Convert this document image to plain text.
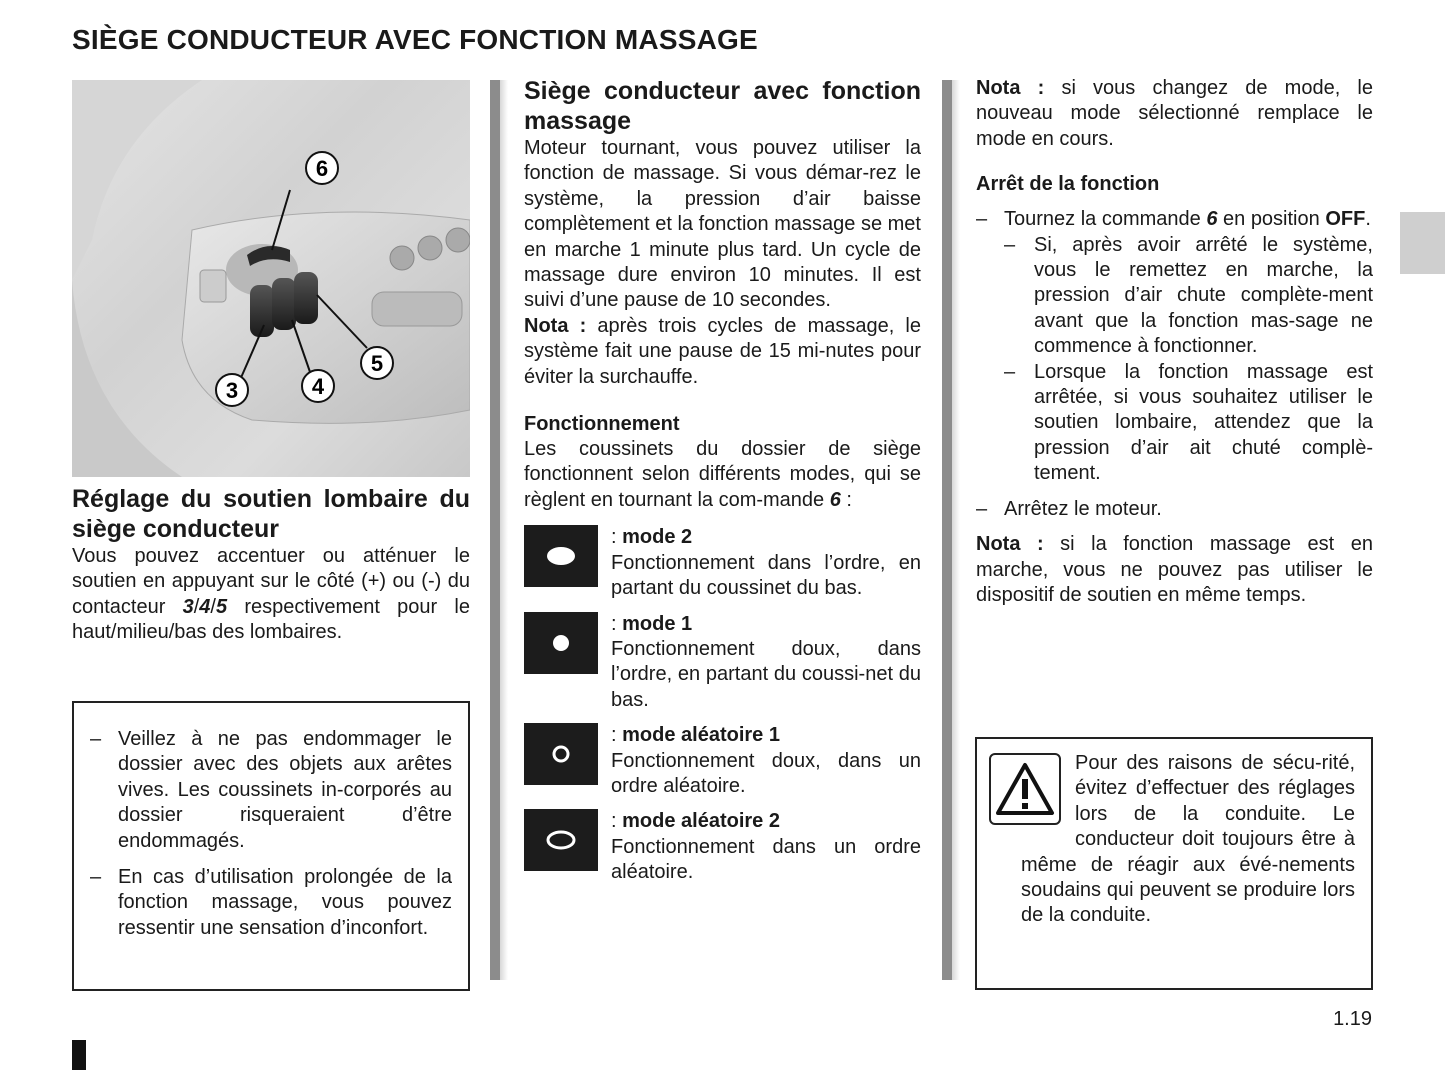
SIÈGE CONDUCTEUR AVEC FONCTION MASSAGE
6
5
3	4
Réglage du soutien lombaire du siège conducteur

Vous pouvez accentuer ou atténuer le soutien en appuyant sur le côté (+) ou (-) du contacteur 3/4/5 respectivement pour le haut/milieu/bas des lombaires.

– Veillez à ne pas endommager le dossier avec des objets aux arêtes vives. Les coussinets in-corporés au dossier risqueraient d’être endommagés.
– En cas d’utilisation prolongée de la fonction massage, vous pouvez ressentir une sensation d’inconfort.
Siège conducteur avec fonction massage

Moteur tournant, vous pouvez utiliser la fonction de massage. Si vous démar-rez le système, la pression d’air baisse complètement et la fonction massage se met en marche 1 minute plus tard. Un cycle de massage dure environ 10 minutes. Il est suivi d’une pause de 10 secondes.

Nota : après trois cycles de massage, le système fait une pause de 15 mi-nutes pour éviter la surchauffe.

Fonctionnement

Les coussinets du dossier de siège fonctionnent selon différents modes, qui se règlent en tournant la com-mande 6 :

: mode 2
Fonctionnement dans l’ordre, en partant du coussinet du bas.
: mode 1
Fonctionnement doux, dans l’ordre, en partant du coussi-net du bas.
: mode aléatoire 1
Fonctionnement doux, dans un ordre aléatoire.
: mode aléatoire 2
Fonctionnement dans un ordre aléatoire.

Nota : si vous changez de mode, le nouveau mode sélectionné remplace le mode en cours.

Arrêt de la fonction
– Tournez la commande 6 en position OFF.
– Si, après avoir arrêté le système, vous le remettez en marche, la pression d’air chute complète-ment avant que la fonction mas-sage ne commence à fonctionner.
– Lorsque la fonction massage est arrêtée, si vous souhaitez utiliser le soutien lombaire, attendez que la pression d’air ait chuté complè-tement.
– Arrêtez le moteur.

Nota : si la fonction massage est en marche, vous ne pouvez pas utiliser le dispositif de soutien en même temps.

Pour des raisons de sécu-rité, évitez d’effectuer des réglages lors de la conduite. Le conducteur doit toujours être à même de réagir aux évé-nements soudains qui peuvent se produire lors de la conduite.
1.19
